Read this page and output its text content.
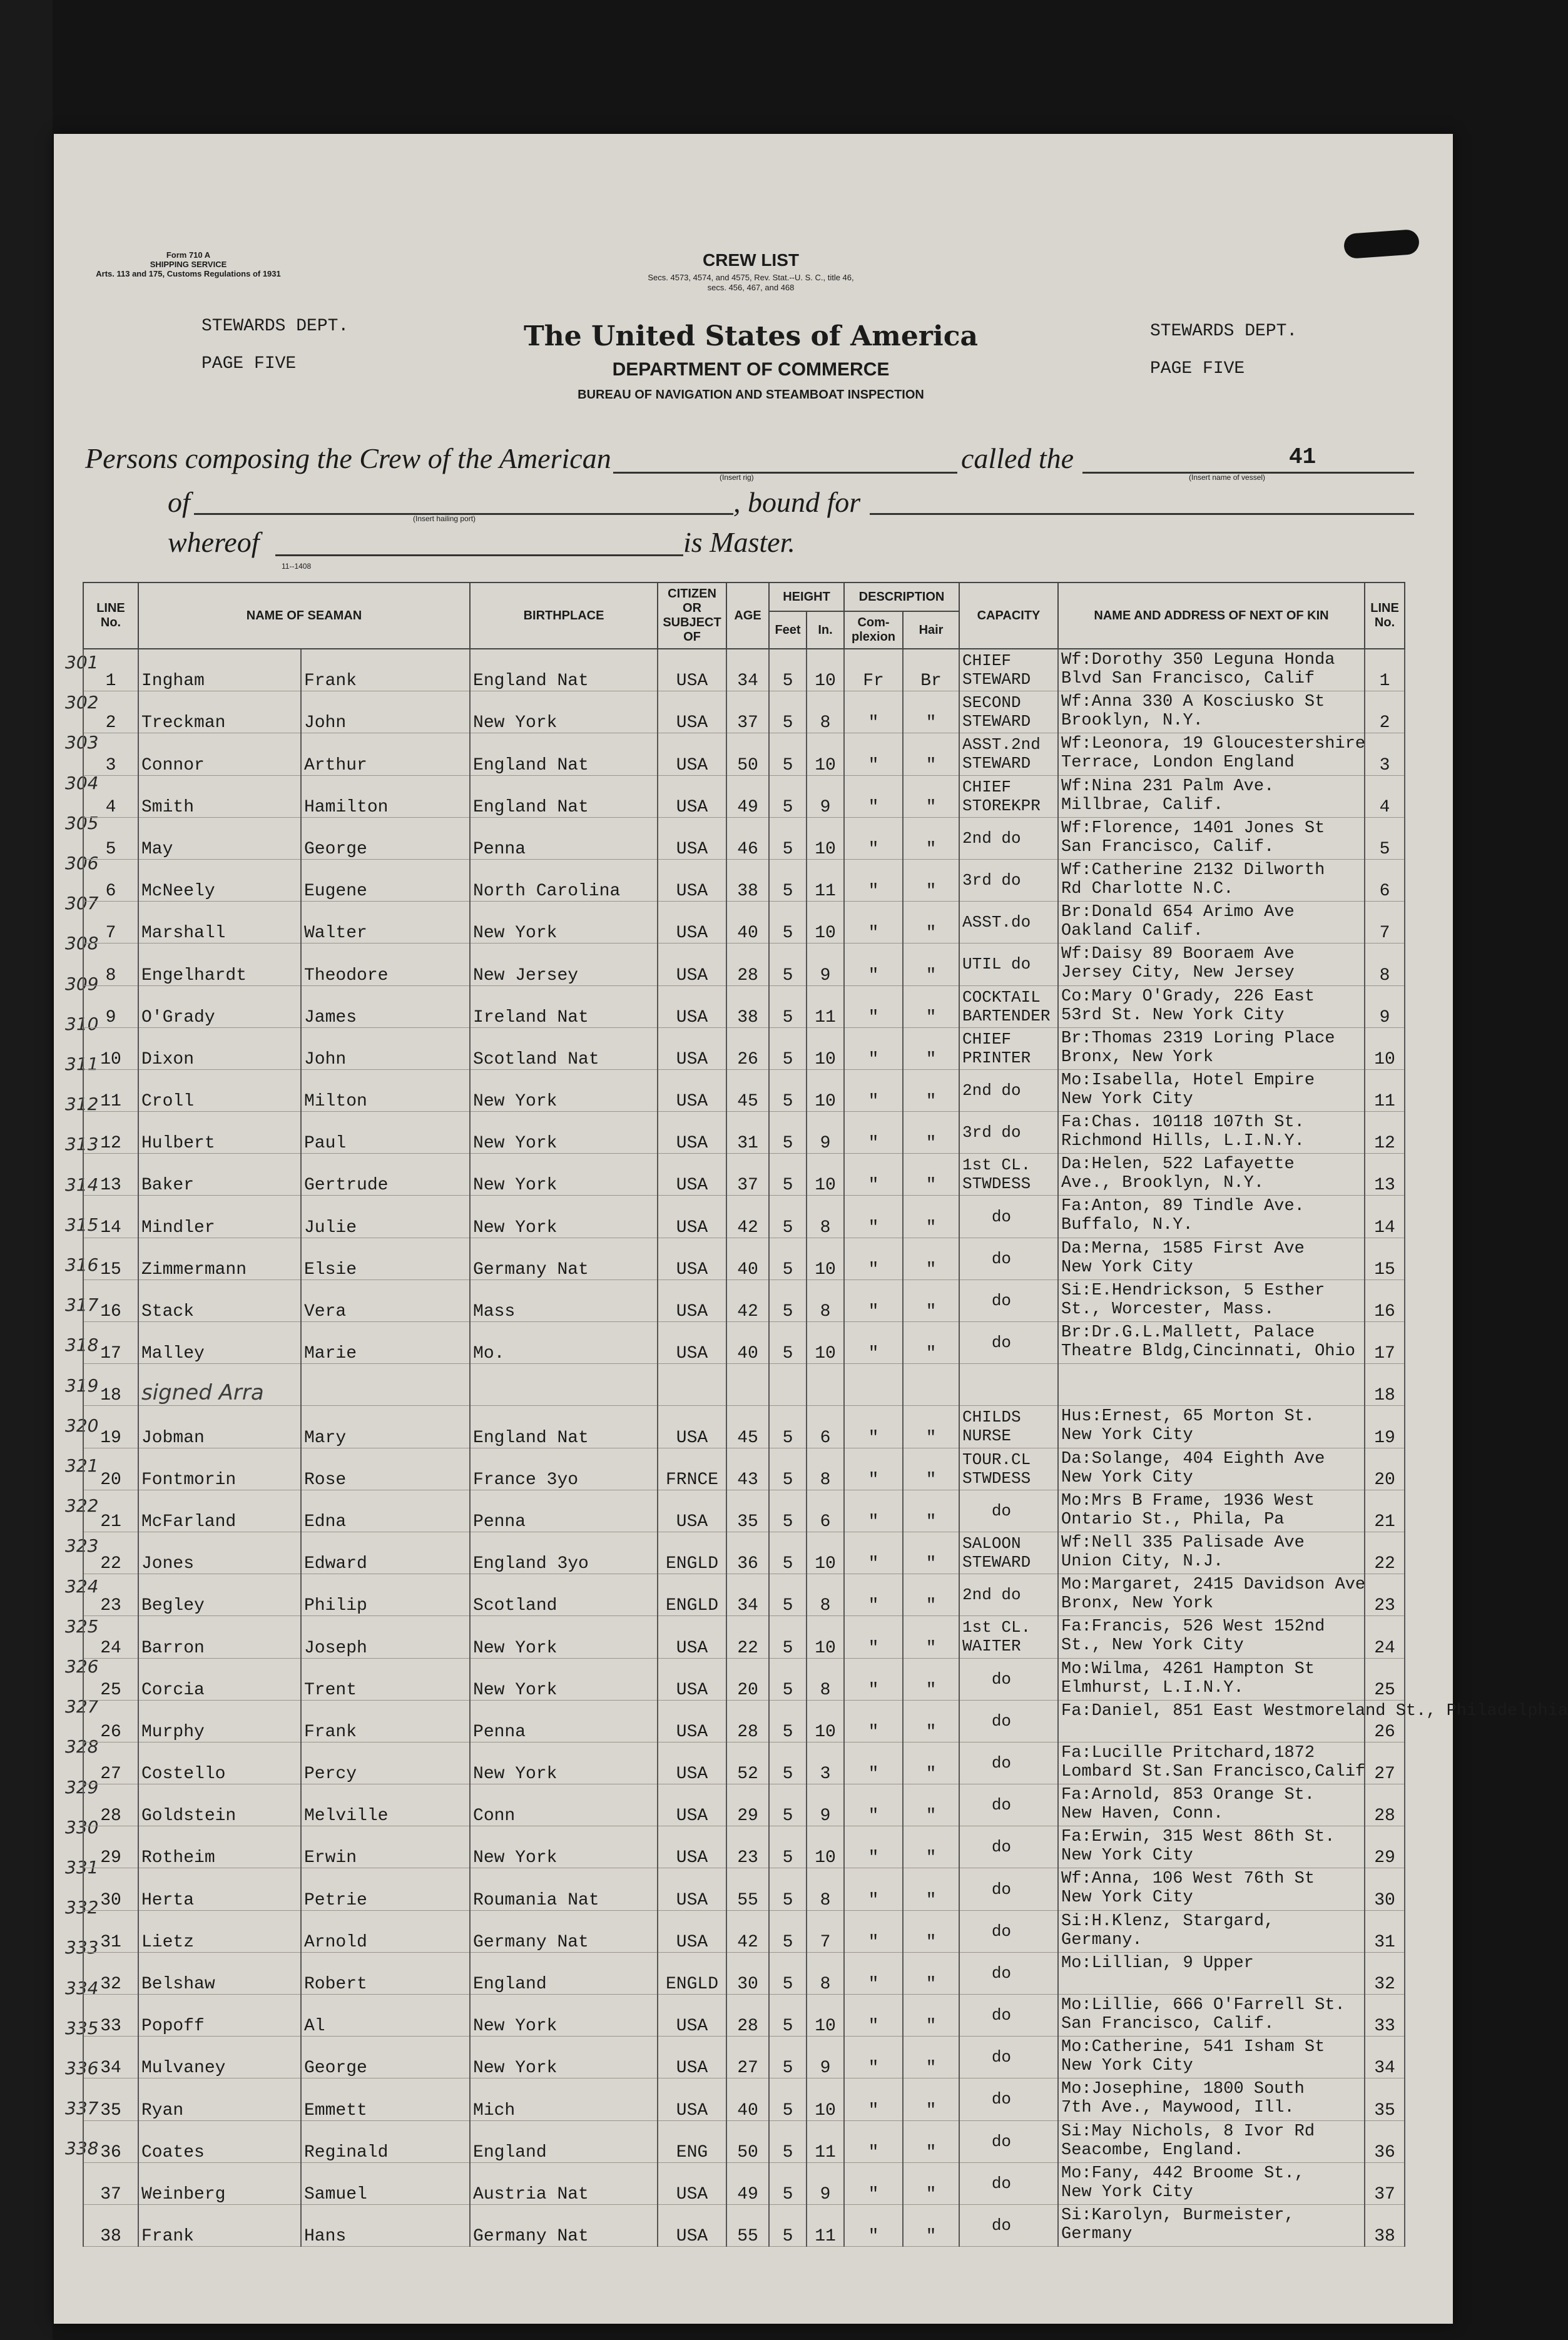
Form 710 A
SHIPPING SERVICE
Arts. 113 and 175, Customs Regulations of 1931
CREW LIST
Secs. 4573, 4574, and 4575, Rev. Stat.--U. S. C., title 46,
secs. 456, 467, and 468
The United States of America
DEPARTMENT OF COMMERCE
BUREAU OF NAVIGATION AND STEAMBOAT INSPECTION
STEWARDS DEPT.
PAGE FIVE
STEWARDS DEPT.
PAGE FIVE
Persons composing the Crew of the American
(Insert rig)
called the	41
(Insert name of vessel)
of
(Insert hailing port)
, bound for
whereof	is Master.
11--1408
301
302
303
304
305
306
307
308
309
310
311
312
313
314
315
316
317
318
319
320
321
322
323
324
325
326
327
328
329
330
331
332
333
334
335
336
337
338
LINE No.	NAME OF SEAMAN		BIRTHPLACE	CITIZEN OR SUBJECT OF	AGE	HEIGHT		DESCRIPTION		CAPACITY	NAME AND ADDRESS OF NEXT OF KIN	LINE No.
						Feet	In.	Com-plexion	Hair			
1	Ingham	Frank	England Nat	USA	34	5	10	Fr	Br	CHIEF
STEWARD	Wf:Dorothy 350 Leguna Honda
Blvd San Francisco, Calif	1
2	Treckman	John	New York	USA	37	5	8	"	"	SECOND
STEWARD	Wf:Anna 330 A Kosciusko St
Brooklyn, N.Y.	2
3	Connor	Arthur	England Nat	USA	50	5	10	"	"	ASST.2nd
STEWARD	Wf:Leonora, 19 Gloucestershire
Terrace, London England	3
4	Smith	Hamilton	England Nat	USA	49	5	9	"	"	CHIEF
STOREKPR	Wf:Nina 231 Palm Ave.
Millbrae, Calif.	4
5	May	George	Penna	USA	46	5	10	"	"	2nd do	Wf:Florence, 1401 Jones St
San Francisco, Calif.	5
6	McNeely	Eugene	North Carolina	USA	38	5	11	"	"	3rd do	Wf:Catherine 2132 Dilworth
Rd Charlotte N.C.	6
7	Marshall	Walter	New York	USA	40	5	10	"	"	ASST.do	Br:Donald 654 Arimo Ave
Oakland Calif.	7
8	Engelhardt	Theodore	New Jersey	USA	28	5	9	"	"	UTIL do	Wf:Daisy 89 Booraem Ave
Jersey City, New Jersey	8
9	O'Grady	James	Ireland Nat	USA	38	5	11	"	"	COCKTAIL
BARTENDER	Co:Mary O'Grady, 226 East
53rd St. New York City	9
10	Dixon	John	Scotland Nat	USA	26	5	10	"	"	CHIEF
PRINTER	Br:Thomas 2319 Loring Place
Bronx, New York	10
11	Croll	Milton	New York	USA	45	5	10	"	"	2nd do	Mo:Isabella, Hotel Empire
New York City	11
12	Hulbert	Paul	New York	USA	31	5	9	"	"	3rd do	Fa:Chas. 10118 107th St.
Richmond Hills, L.I.N.Y.	12
13	Baker	Gertrude	New York	USA	37	5	10	"	"	1st CL.
STWDESS	Da:Helen, 522 Lafayette
Ave., Brooklyn, N.Y.	13
14	Mindler	Julie	New York	USA	42	5	8	"	"	do	Fa:Anton, 89 Tindle Ave.
Buffalo, N.Y.	14
15	Zimmermann	Elsie	Germany Nat	USA	40	5	10	"	"	do	Da:Merna, 1585 First Ave
New York City	15
16	Stack	Vera	Mass	USA	42	5	8	"	"	do	Si:E.Hendrickson, 5 Esther
St., Worcester, Mass.	16
17	Malley	Marie	Mo.	USA	40	5	10	"	"	do	Br:Dr.G.L.Mallett, Palace
Theatre Bldg,Cincinnati, Ohio	17
18	signed Arra											18
19	Jobman	Mary	England Nat	USA	45	5	6	"	"	CHILDS
NURSE	Hus:Ernest, 65 Morton St.
New York City	19
20	Fontmorin	Rose	France 3yo	FRNCE	43	5	8	"	"	TOUR.CL
STWDESS	Da:Solange, 404 Eighth Ave
New York City	20
21	McFarland	Edna	Penna	USA	35	5	6	"	"	do	Mo:Mrs B Frame, 1936 West
Ontario St., Phila, Pa	21
22	Jones	Edward	England 3yo	ENGLD	36	5	10	"	"	SALOON
STEWARD	Wf:Nell 335 Palisade Ave
Union City, N.J.	22
23	Begley	Philip	Scotland	ENGLD	34	5	8	"	"	2nd do	Mo:Margaret, 2415 Davidson Ave
Bronx, New York	23
24	Barron	Joseph	New York	USA	22	5	10	"	"	1st CL.
WAITER	Fa:Francis, 526 West 152nd
St., New York City	24
25	Corcia	Trent	New York	USA	20	5	8	"	"	do	Mo:Wilma, 4261 Hampton St
Elmhurst, L.I.N.Y.	25
26	Murphy	Frank	Penna	USA	28	5	10	"	"	do	Fa:Daniel, 851 East Westmoreland St., Philadelphia	26
27	Costello	Percy	New York	USA	52	5	3	"	"	do	Fa:Lucille Pritchard,1872
Lombard St.San Francisco,Calif	27
28	Goldstein	Melville	Conn	USA	29	5	9	"	"	do	Fa:Arnold, 853 Orange St.
New Haven, Conn.	28
29	Rotheim	Erwin	New York	USA	23	5	10	"	"	do	Fa:Erwin, 315 West 86th St.
New York City	29
30	Herta	Petrie	Roumania Nat	USA	55	5	8	"	"	do	Wf:Anna, 106 West 76th St
New York City	30
31	Lietz	Arnold	Germany Nat	USA	42	5	7	"	"	do	Si:H.Klenz, Stargard,
Germany.	31
32	Belshaw	Robert	England	ENGLD	30	5	8	"	"	do	Mo:Lillian, 9 Upper	32
33	Popoff	Al	New York	USA	28	5	10	"	"	do	Mo:Lillie, 666 O'Farrell St.
San Francisco, Calif.	33
34	Mulvaney	George	New York	USA	27	5	9	"	"	do	Mo:Catherine, 541 Isham St
New York City	34
35	Ryan	Emmett	Mich	USA	40	5	10	"	"	do	Mo:Josephine, 1800 South
7th Ave., Maywood, Ill.	35
36	Coates	Reginald	England	ENG	50	5	11	"	"	do	Si:May Nichols, 8 Ivor Rd
Seacombe, England.	36
37	Weinberg	Samuel	Austria Nat	USA	49	5	9	"	"	do	Mo:Fany, 442 Broome St.,
New York City	37
38	Frank	Hans	Germany Nat	USA	55	5	11	"	"	do	Si:Karolyn, Burmeister,
Germany	38
